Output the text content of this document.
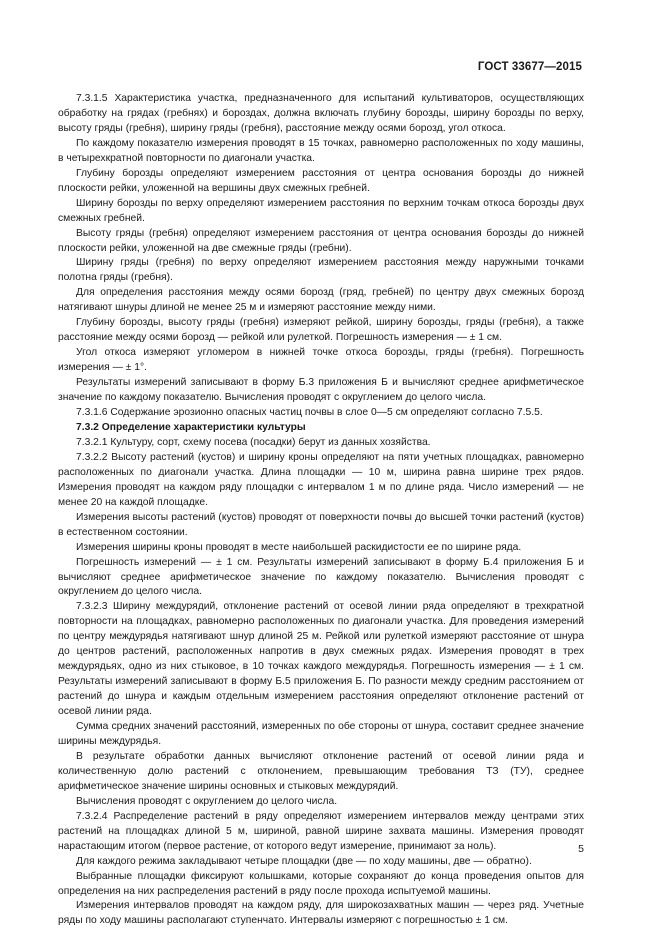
ГОСТ 33677—2015

7.3.1.5 Характеристика участка, предназначенного для испытаний культиваторов, осуществляющих обработку на грядах (гребнях) и бороздах, должна включать глубину борозды, ширину борозды по верху, высоту гряды (гребня), ширину гряды (гребня), расстояние между осями борозд, угол откоса.

По каждому показателю измерения проводят в 15 точках, равномерно расположенных по ходу машины, в четырехкратной повторности по диагонали участка.

Глубину борозды определяют измерением расстояния от центра основания борозды до нижней плоскости рейки, уложенной на вершины двух смежных гребней.

Ширину борозды по верху определяют измерением расстояния по верхним точкам откоса борозды двух смежных гребней.

Высоту гряды (гребня) определяют измерением расстояния от центра основания борозды до нижней плоскости рейки, уложенной на две смежные гряды (гребни).

Ширину гряды (гребня) по верху определяют измерением расстояния между наружными точками полотна гряды (гребня).

Для определения расстояния между осями борозд (гряд, гребней) по центру двух смежных борозд натягивают шнуры длиной не менее 25 м и измеряют расстояние между ними.

Глубину борозды, высоту гряды (гребня) измеряют рейкой, ширину борозды, гряды (гребня), а также расстояние между осями борозд — рейкой или рулеткой. Погрешность измерения — ± 1 см.

Угол откоса измеряют угломером в нижней точке откоса борозды, гряды (гребня). Погрешность измерения — ± 1°.

Результаты измерений записывают в форму Б.3 приложения Б и вычисляют среднее арифметическое значение по каждому показателю. Вычисления проводят с округлением до целого числа.

7.3.1.6 Содержание эрозионно опасных частиц почвы в слое 0—5 см определяют согласно 7.5.5.

7.3.2 Определение характеристики культуры

7.3.2.1 Культуру, сорт, схему посева (посадки) берут из данных хозяйства.

7.3.2.2 Высоту растений (кустов) и ширину кроны определяют на пяти учетных площадках, равномерно расположенных по диагонали участка. Длина площадки — 10 м, ширина равна ширине трех рядов. Измерения проводят на каждом ряду площадки с интервалом 1 м по длине ряда. Число измерений — не менее 20 на каждой площадке.

Измерения высоты растений (кустов) проводят от поверхности почвы до высшей точки растений (кустов) в естественном состоянии.

Измерения ширины кроны проводят в месте наибольшей раскидистости ее по ширине ряда.

Погрешность измерений — ± 1 см. Результаты измерений записывают в форму Б.4 приложения Б и вычисляют среднее арифметическое значение по каждому показателю. Вычисления проводят с округлением до целого числа.

7.3.2.3 Ширину междурядий, отклонение растений от осевой линии ряда определяют в трехкратной повторности на площадках, равномерно расположенных по диагонали участка. Для проведения измерений по центру междурядья натягивают шнур длиной 25 м. Рейкой или рулеткой измеряют расстояние от шнура до центров растений, расположенных напротив в двух смежных рядах. Измерения проводят в трех междурядьях, одно из них стыковое, в 10 точках каждого междурядья. Погрешность измерения — ± 1 см. Результаты измерений записывают в форму Б.5 приложения Б. По разности между средним расстоянием от растений до шнура и каждым отдельным измерением расстояния определяют отклонение растений от осевой линии ряда.

Сумма средних значений расстояний, измеренных по обе стороны от шнура, составит среднее значение ширины междурядья.

В результате обработки данных вычисляют отклонение растений от осевой линии ряда и количественную долю растений с отклонением, превышающим требования ТЗ (ТУ), среднее арифметическое значение ширины основных и стыковых междурядий.

Вычисления проводят с округлением до целого числа.

7.3.2.4 Распределение растений в ряду определяют измерением интервалов между центрами этих растений на площадках длиной 5 м, шириной, равной ширине захвата машины. Измерения проводят нарастающим итогом (первое растение, от которого ведут измерение, принимают за ноль).

Для каждого режима закладывают четыре площадки (две — по ходу машины, две — обратно).

Выбранные площадки фиксируют колышками, которые сохраняют до конца проведения опытов для определения на них распределения растений в ряду после прохода испытуемой машины.

Измерения интервалов проводят на каждом ряду, для широкозахватных машин — через ряд. Учетные ряды по ходу машины располагают ступенчато. Интервалы измеряют с погрешностью ± 1 см.

5
